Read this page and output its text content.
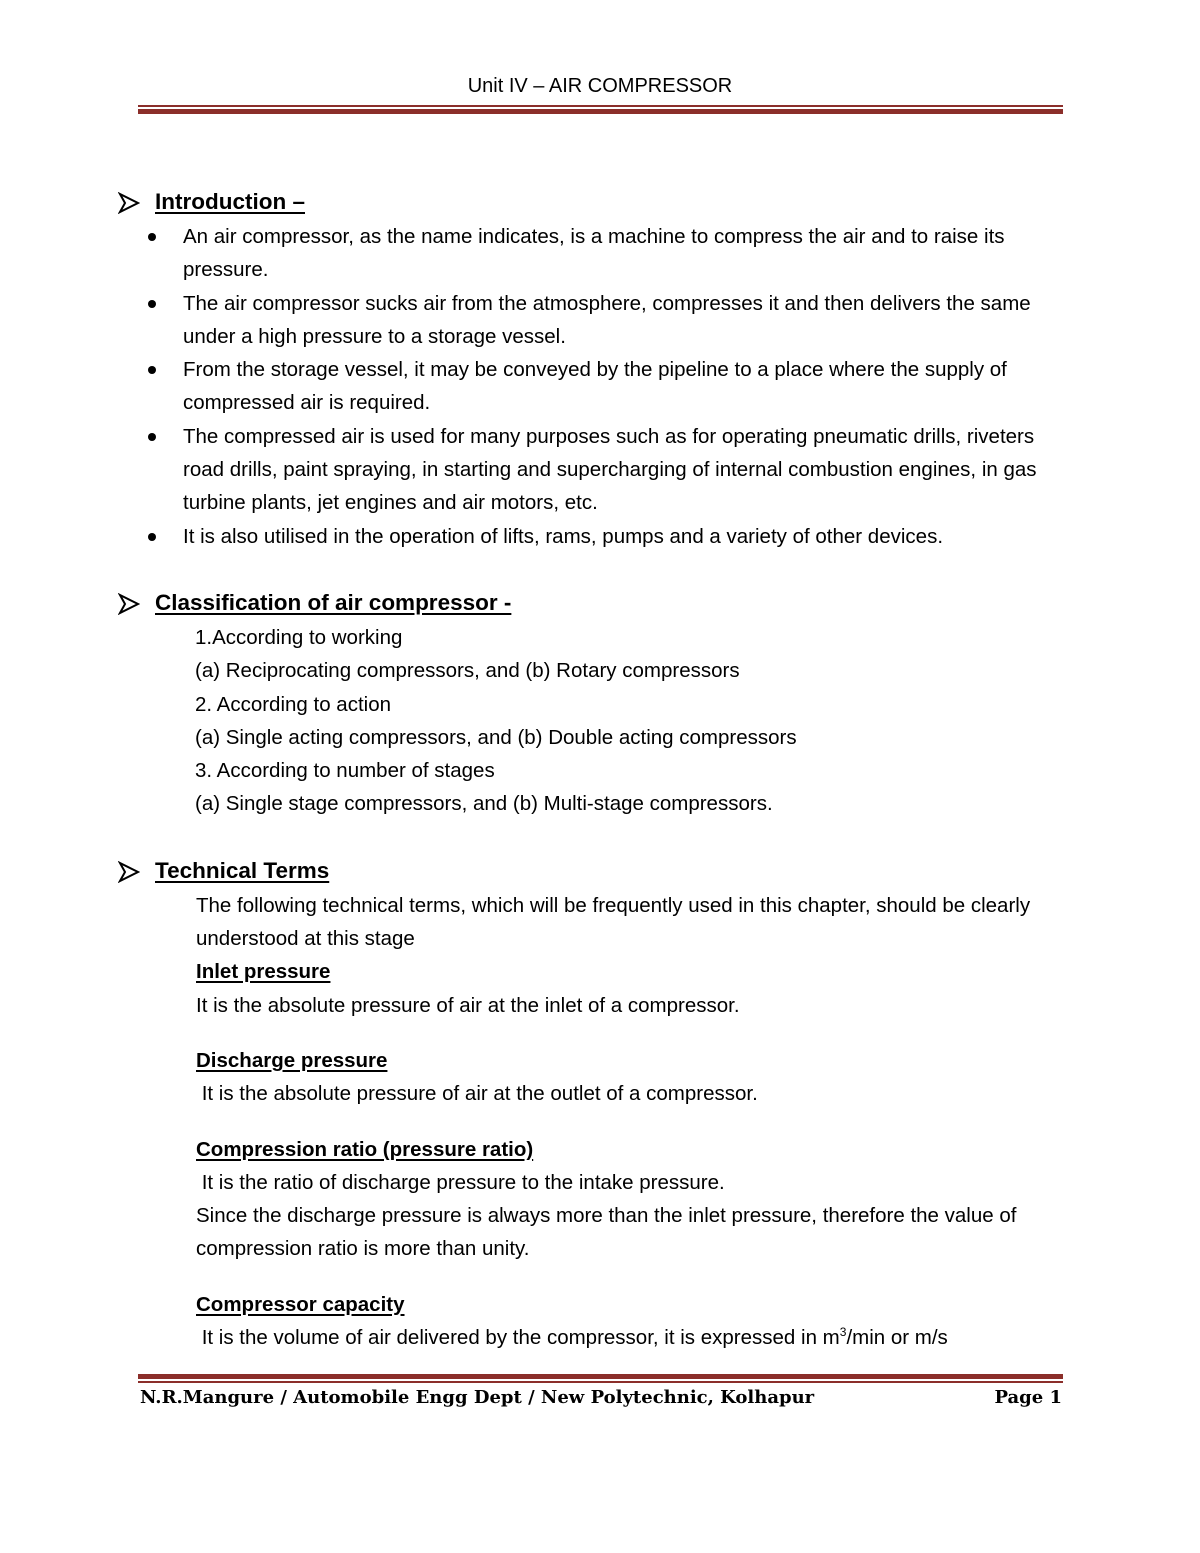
Unit IV – AIR COMPRESSOR
Introduction –
An air compressor, as the name indicates, is a machine to compress the air and to raise its pressure.
The air compressor sucks air from the atmosphere, compresses it and then delivers the same under a high pressure to a storage vessel.
From the storage vessel, it may be conveyed by the pipeline to a place where the supply of compressed air is required.
The compressed air is used for many purposes such as for operating pneumatic drills, riveters road drills, paint spraying, in starting and supercharging of internal combustion engines, in gas turbine plants, jet engines and air motors, etc.
It is also utilised in the operation of lifts, rams, pumps and a variety of other devices.
Classification of air compressor -
1.According to working
(a) Reciprocating compressors, and (b) Rotary compressors
2. According to action
(a) Single acting compressors, and (b) Double acting compressors
3. According to number of stages
(a) Single stage compressors, and (b) Multi-stage compressors.
Technical Terms
The following technical terms, which will be frequently used in this chapter, should be clearly understood at this stage
Inlet pressure
It is the absolute pressure of air at the inlet of a compressor.
Discharge pressure
It is the absolute pressure of air at the outlet of a compressor.
Compression ratio (pressure ratio)
It is the ratio of discharge pressure to the intake pressure.
Since the discharge pressure is always more than the inlet pressure, therefore the value of compression ratio is more than unity.
Compressor capacity
It is the volume of air delivered by the compressor, it is expressed in $m^3/\min$ or m/s
N.R.Mangure / Automobile Engg Dept / New Polytechnic, Kolhapur	Page 1
